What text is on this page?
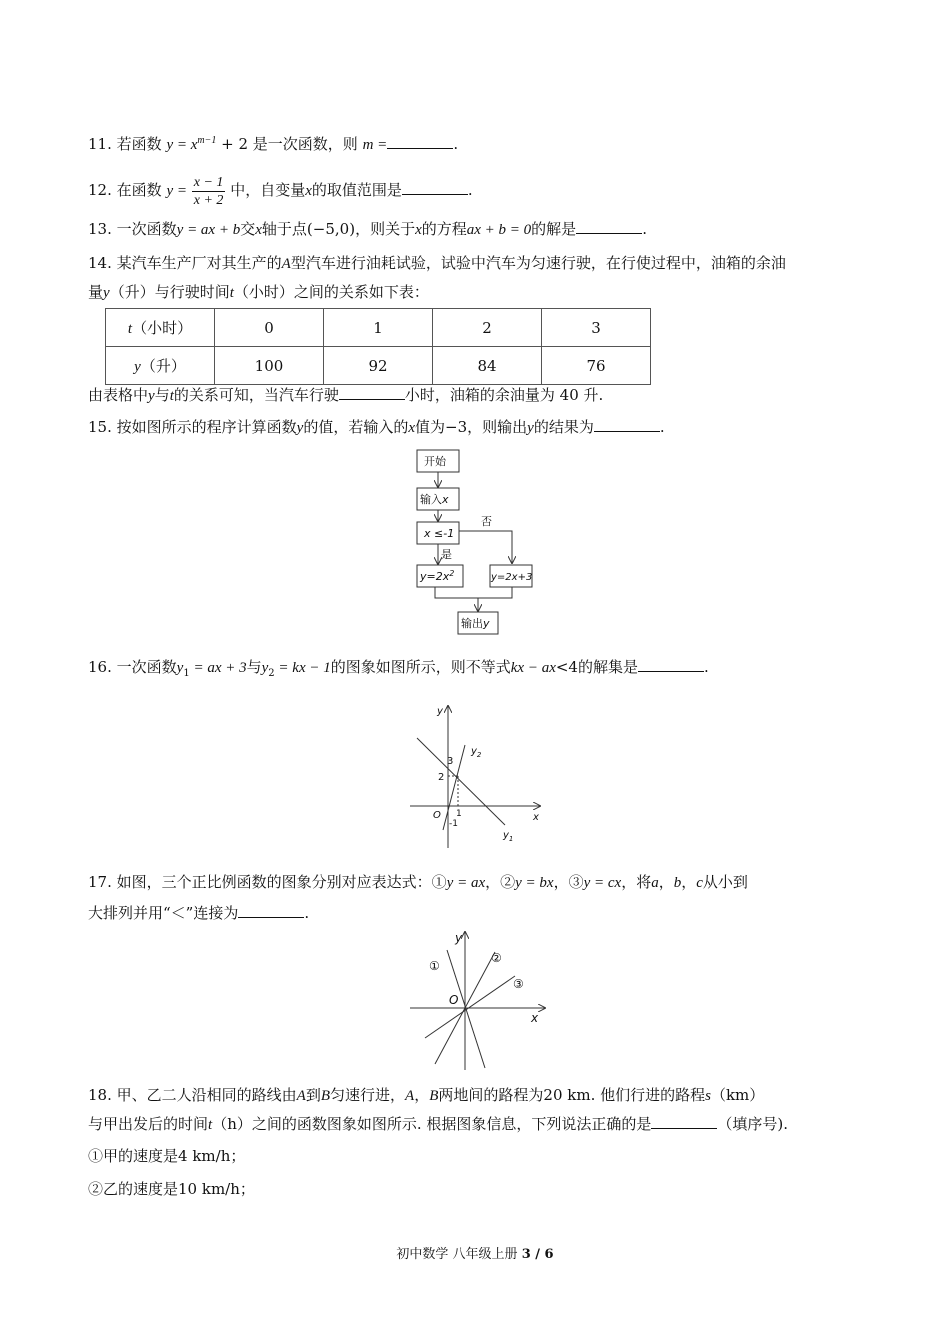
11. 若函数 $y = x^{m-1} + 2$ 是一次函数，则 m =	.
12. 在函数 $y = \frac{x - 1}{x + 2}$ 中，自变量x的取值范围是	.
13. 一次函数y = ax + b交x轴于点(−5,0)，则关于x的方程ax + b = 0的解是	.
14. 某汽车生产厂对其生产的A型汽车进行油耗试验，试验中汽车为匀速行驶，在行使过程中，油箱的余油
量y（升）与行驶时间t（小时）之间的关系如下表：
t（小时）	0	1	2	3
y（升）	100	92	84	76
由表格中y与t的关系可知，当汽车行驶	小时，油箱的余油量为 40 升.
15. 按如图所示的程序计算函数y的值，若输入的x值为−3，则输出y的结果为	.
开始
输入x
x ≤-1
否
是
$y=2x^2$	y=2x+3
输出y
16. 一次函数$y_1$ = ax + 3与$y_2$ = kx − 1的图象如图所示，则不等式kx − ax<4的解集是	.
y
x
O
3
2
1
-1
$y_2$
$y_1$
17. 如图，三个正比例函数的图象分别对应表达式：①y = ax，②y = bx，③y = cx，将a，b，c从小到
大排列并用“＜”连接为	.
y
x
O
①
②
③
18. 甲、乙二人沿相同的路线由A到B匀速行进，A，B两地间的路程为20 km. 他们行进的路程s（km）
与甲出发后的时间t（h）之间的函数图象如图所示. 根据图象信息，下列说法正确的是	（填序号).
①甲的速度是4 km/h；
②乙的速度是10 km/h；
初中数学 八年级上册 3 / 6
